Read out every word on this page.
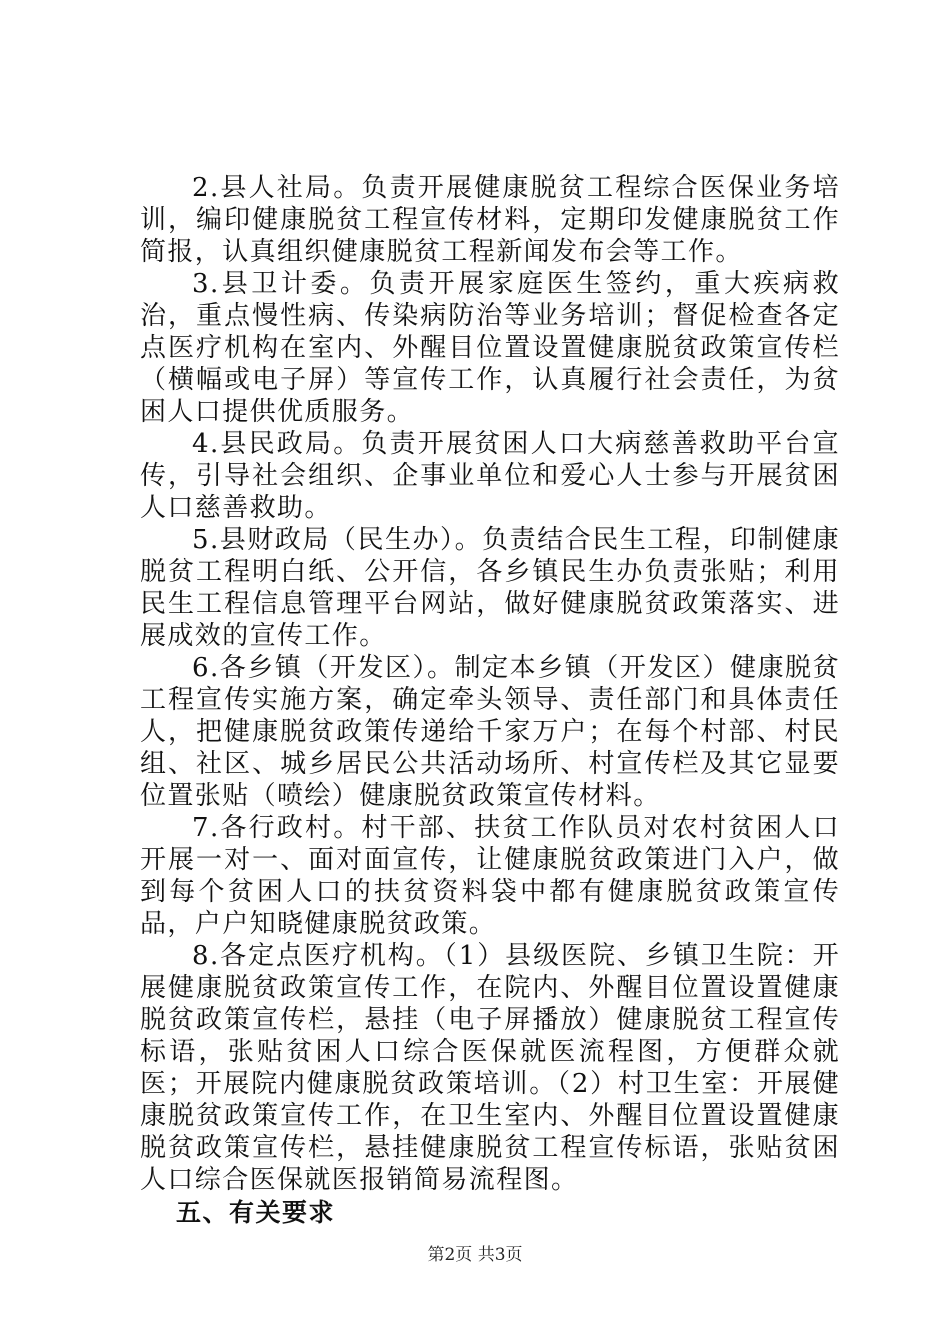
2.县人社局。负责开展健康脱贫工程综合医保业务培训，编印健康脱贫工程宣传材料，定期印发健康脱贫工作简报，认真组织健康脱贫工程新闻发布会等工作。

3.县卫计委。负责开展家庭医生签约，重大疾病救治，重点慢性病、传染病防治等业务培训；督促检查各定点医疗机构在室内、外醒目位置设置健康脱贫政策宣传栏（横幅或电子屏）等宣传工作，认真履行社会责任，为贫困人口提供优质服务。

4.县民政局。负责开展贫困人口大病慈善救助平台宣传，引导社会组织、企事业单位和爱心人士参与开展贫困人口慈善救助。

5.县财政局（民生办）。负责结合民生工程，印制健康脱贫工程明白纸、公开信，各乡镇民生办负责张贴；利用民生工程信息管理平台网站，做好健康脱贫政策落实、进展成效的宣传工作。

6.各乡镇（开发区）。制定本乡镇（开发区）健康脱贫工程宣传实施方案，确定牵头领导、责任部门和具体责任人，把健康脱贫政策传递给千家万户；在每个村部、村民组、社区、城乡居民公共活动场所、村宣传栏及其它显要位置张贴（喷绘）健康脱贫政策宣传材料。

7.各行政村。村干部、扶贫工作队员对农村贫困人口开展一对一、面对面宣传，让健康脱贫政策进门入户，做到每个贫困人口的扶贫资料袋中都有健康脱贫政策宣传品，户户知晓健康脱贫政策。

8.各定点医疗机构。（1）县级医院、乡镇卫生院：开展健康脱贫政策宣传工作，在院内、外醒目位置设置健康脱贫政策宣传栏，悬挂（电子屏播放）健康脱贫工程宣传标语，张贴贫困人口综合医保就医流程图，方便群众就医；开展院内健康脱贫政策培训。（2）村卫生室：开展健康脱贫政策宣传工作，在卫生室内、外醒目位置设置健康脱贫政策宣传栏，悬挂健康脱贫工程宣传标语，张贴贫困人口综合医保就医报销简易流程图。

五、有关要求

第2页 共3页
